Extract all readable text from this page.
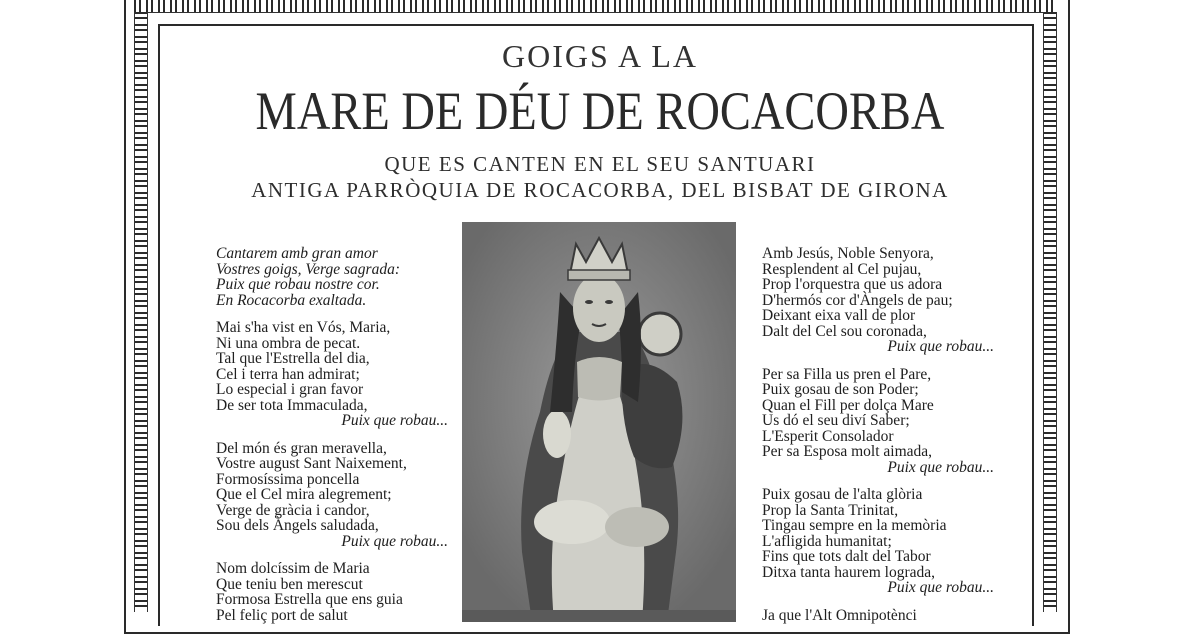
GOIGS A LA
MARE DE DÉU DE ROCACORBA
QUE ES CANTEN EN EL SEU SANTUARI
ANTIGA PARRÒQUIA DE ROCACORBA, DEL BISBAT DE GIRONA
Cantarem amb gran amor
Vostres goigs, Verge sagrada:
Puix que robau nostre cor.
En Rocacorba exaltada.
Mai s'ha vist en Vós, Maria,
Ni una ombra de pecat.
Tal que l'Estrella del dia,
Cel i terra han admirat;
Lo especial i gran favor
De ser tota Immaculada,
Puix que robau...
Del món és gran meravella,
Vostre august Sant Naixement,
Formosíssima poncella
Que el Cel mira alegrement;
Verge de gràcia i candor,
Sou dels Àngels saludada,
Puix que robau...
Nom dolcíssim de Maria
Que teniu ben merescut
Formosa Estrella que ens guia
Pel feliç port de salut
Amb Jesús, Noble Senyora,
Resplendent al Cel pujau,
Prop l'orquestra que us adora
D'hermós cor d'Àngels de pau;
Deixant eixa vall de plor
Dalt del Cel sou coronada,
Puix que robau...
Per sa Filla us pren el Pare,
Puix gosau de son Poder;
Quan el Fill per dolça Mare
Us dó el seu diví Saber;
L'Esperit Consolador
Per sa Esposa molt aimada,
Puix que robau...
Puix gosau de l'alta glòria
Prop la Santa Trinitat,
Tingau sempre en la memòria
L'afligida humanitat;
Fins que tots dalt del Tabor
Ditxa tanta haurem lograda,
Puix que robau...
Ja que l'Alt Omnipotènci
